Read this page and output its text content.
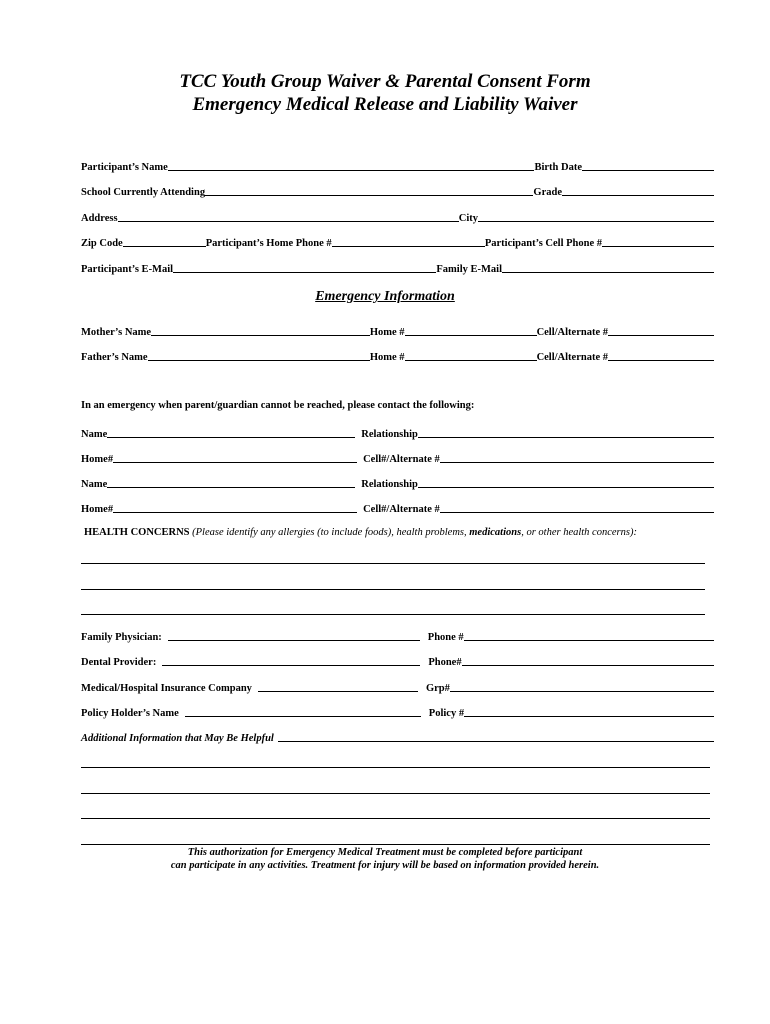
TCC Youth Group Waiver & Parental Consent Form
Emergency Medical Release and Liability Waiver
Participant’s Name	Birth Date
School Currently Attending	Grade
Address	City
Zip Code	Participant’s Home Phone #	Participant’s Cell Phone #
Participant’s E-Mail	Family E-Mail
Emergency Information
Mother’s Name	Home #	Cell/Alternate #
Father’s Name	Home #	Cell/Alternate #
In an emergency when parent/guardian cannot be reached, please contact the following:
Name	Relationship
Home#	Cell#/Alternate #
Name	Relationship
Home#	Cell#/Alternate #
HEALTH CONCERNS (Please identify any allergies (to include foods), health problems, medications, or other health concerns):
Family Physician:	Phone #
Dental Provider:	Phone#
Medical/Hospital Insurance Company	Grp#
Policy Holder’s Name	Policy #
Additional Information that May Be Helpful
This authorization for Emergency Medical Treatment must be completed before participant
can participate in any activities. Treatment for injury will be based on information provided herein.
